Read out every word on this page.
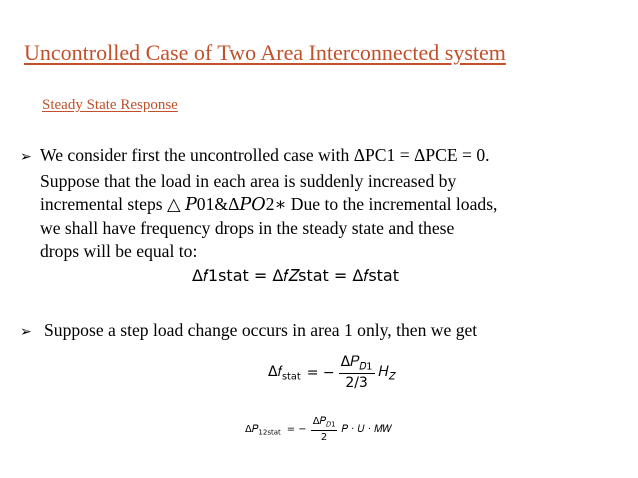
Uncontrolled Case of Two Area Interconnected system
Steady State Response
➢ We consider first the uncontrolled case with ΔPC1 = ΔPCE = 0.
Suppose that the load in each area is suddenly increased by
incremental steps △ 𝑃01&Δ𝑃𝑂2∗ Due to the incremental loads,
we shall have frequency drops in the steady state and these
drops will be equal to:
Δ𝑓1stat = Δ𝑓𝑍stat = Δ𝑓stat
➢ Suppose a step load change occurs in area 1 only, then we get
Δ𝑓$_{stat}$ = − $\frac{\Delta 𝑃_{𝐷1}}{2/3}$ 𝐻$_𝑍$
Δ𝑃$_{12stat}$ = − $\frac{\Delta 𝑃_{𝐷1}}{2}$ 𝑃 · 𝑈 · 𝑀𝑊
